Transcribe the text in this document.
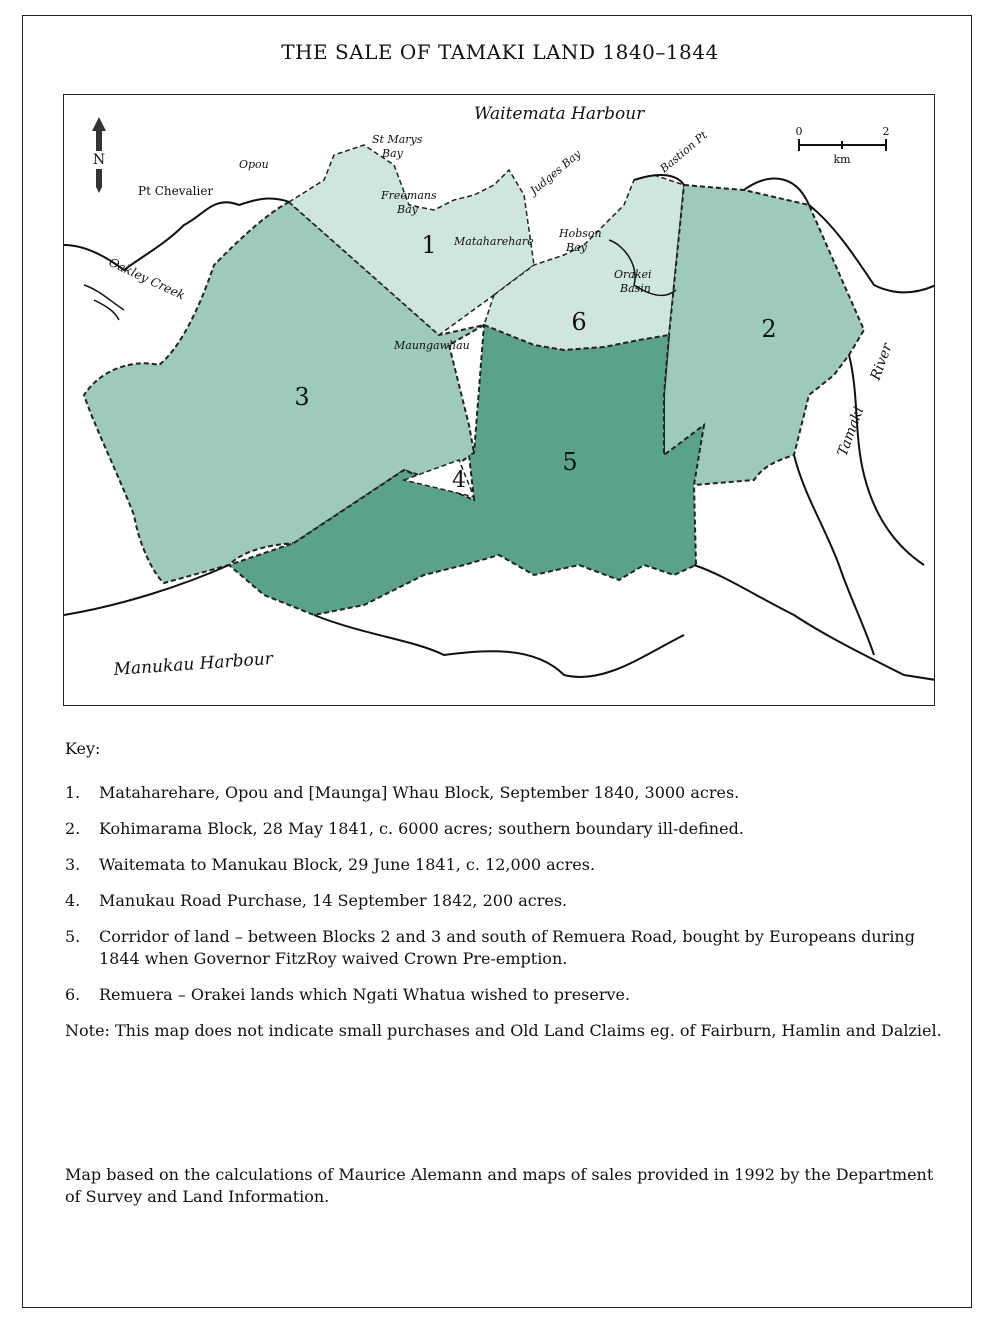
THE SALE OF TAMAKI LAND 1840–1844
1
2
3
4
5
6
Waitemata Harbour
Manukau Harbour
St Marys
Bay
Freemans
Bay
Opou
Pt Chevalier
Oakley Creek
Judges Bay	Bastion Pt
Hobson
Bay
Mataharehare
Orakei
Basin
Maungawhau
Tamaki
River
N
0	2
km
Key:
1.	Mataharehare, Opou and [Maunga] Whau Block, September 1840, 3000 acres.
2.	Kohimarama Block, 28 May 1841, c. 6000 acres; southern boundary ill-defined.
3.	Waitemata to Manukau Block, 29 June 1841, c. 12,000 acres.
4.	Manukau Road Purchase, 14 September 1842, 200 acres.
5.	Corridor of land – between Blocks 2 and 3 and south of Remuera Road, bought by Europeans during 1844 when Governor FitzRoy waived Crown Pre-emption.
6.	Remuera – Orakei lands which Ngati Whatua wished to preserve.
Note: This map does not indicate small purchases and Old Land Claims eg. of Fairburn, Hamlin and Dalziel.
Map based on the calculations of Maurice Alemann and maps of sales provided in 1992 by the Department of Survey and Land Information.
